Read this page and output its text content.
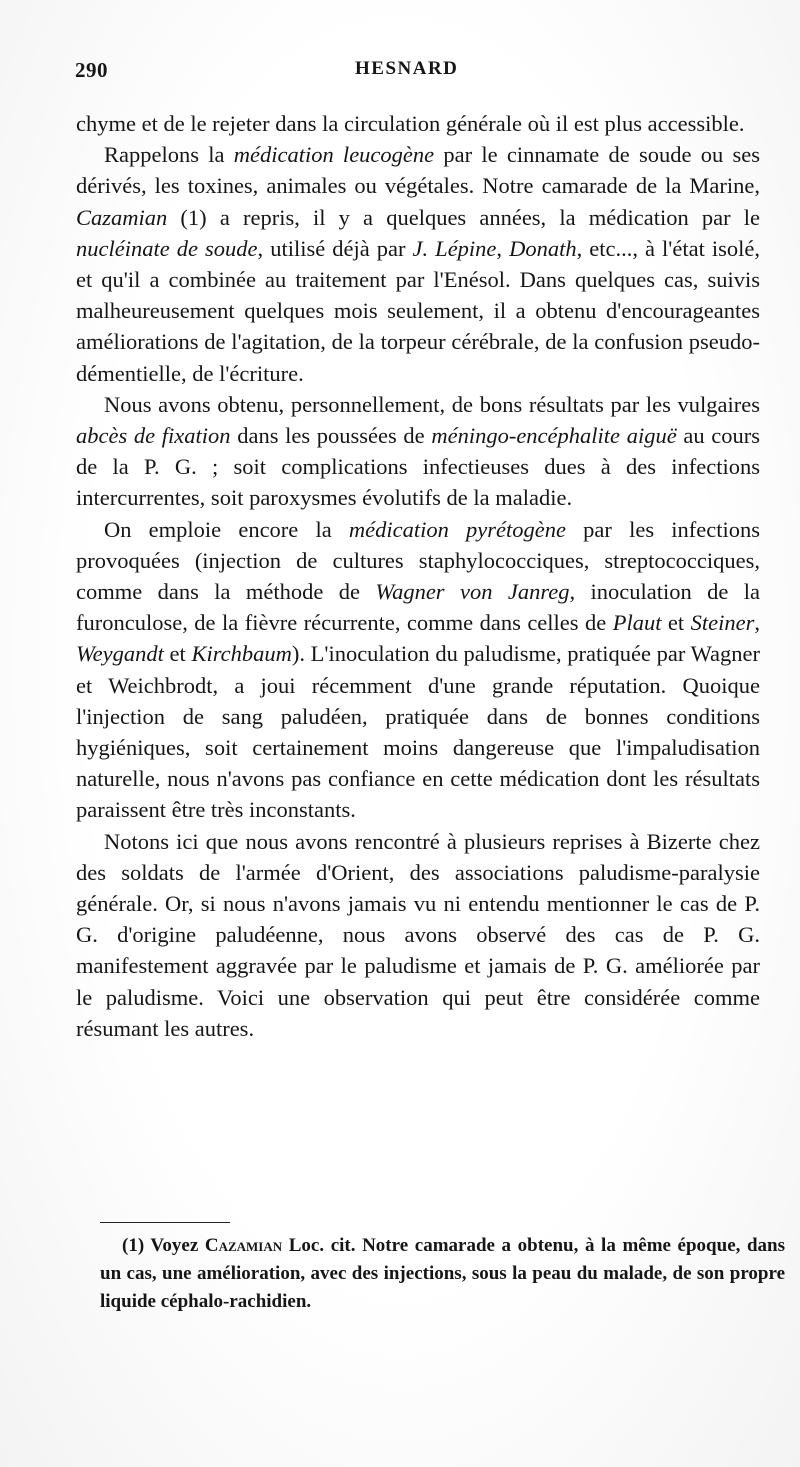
290	HESNARD

chyme et de le rejeter dans la circulation générale où il est plus accessible.

Rappelons la médication leucogène par le cinnamate de soude ou ses dérivés, les toxines, animales ou végétales. Notre camarade de la Marine, Cazamian (1) a repris, il y a quelques années, la médication par le nucléinate de soude, utilisé déjà par J. Lépine, Donath, etc..., à l'état isolé, et qu'il a combinée au traitement par l'Enésol. Dans quelques cas, suivis malheureusement quelques mois seulement, il a obtenu d'encourageantes améliorations de l'agitation, de la torpeur cérébrale, de la confusion pseudo-démentielle, de l'écriture.

Nous avons obtenu, personnellement, de bons résultats par les vulgaires abcès de fixation dans les poussées de méningo-encéphalite aiguë au cours de la P. G. ; soit complications infectieuses dues à des infections intercurrentes, soit paroxysmes évolutifs de la maladie.

On emploie encore la médication pyrétogène par les infections provoquées (injection de cultures staphylococciques, streptococciques, comme dans la méthode de Wagner von Janreg, inoculation de la furonculose, de la fièvre récurrente, comme dans celles de Plaut et Steiner, Weygandt et Kirchbaum). L'inoculation du paludisme, pratiquée par Wagner et Weichbrodt, a joui récemment d'une grande réputation. Quoique l'injection de sang paludéen, pratiquée dans de bonnes conditions hygiéniques, soit certainement moins dangereuse que l'impaludisation naturelle, nous n'avons pas confiance en cette médication dont les résultats paraissent être très inconstants.

Notons ici que nous avons rencontré à plusieurs reprises à Bizerte chez des soldats de l'armée d'Orient, des associations paludisme-paralysie générale. Or, si nous n'avons jamais vu ni entendu mentionner le cas de P. G. d'origine paludéenne, nous avons observé des cas de P. G. manifestement aggravée par le paludisme et jamais de P. G. améliorée par le paludisme. Voici une observation qui peut être considérée comme résumant les autres.

(1) Voyez Cazamian Loc. cit. Notre camarade a obtenu, à la même époque, dans un cas, une amélioration, avec des injections, sous la peau du malade, de son propre liquide céphalo-rachidien.
